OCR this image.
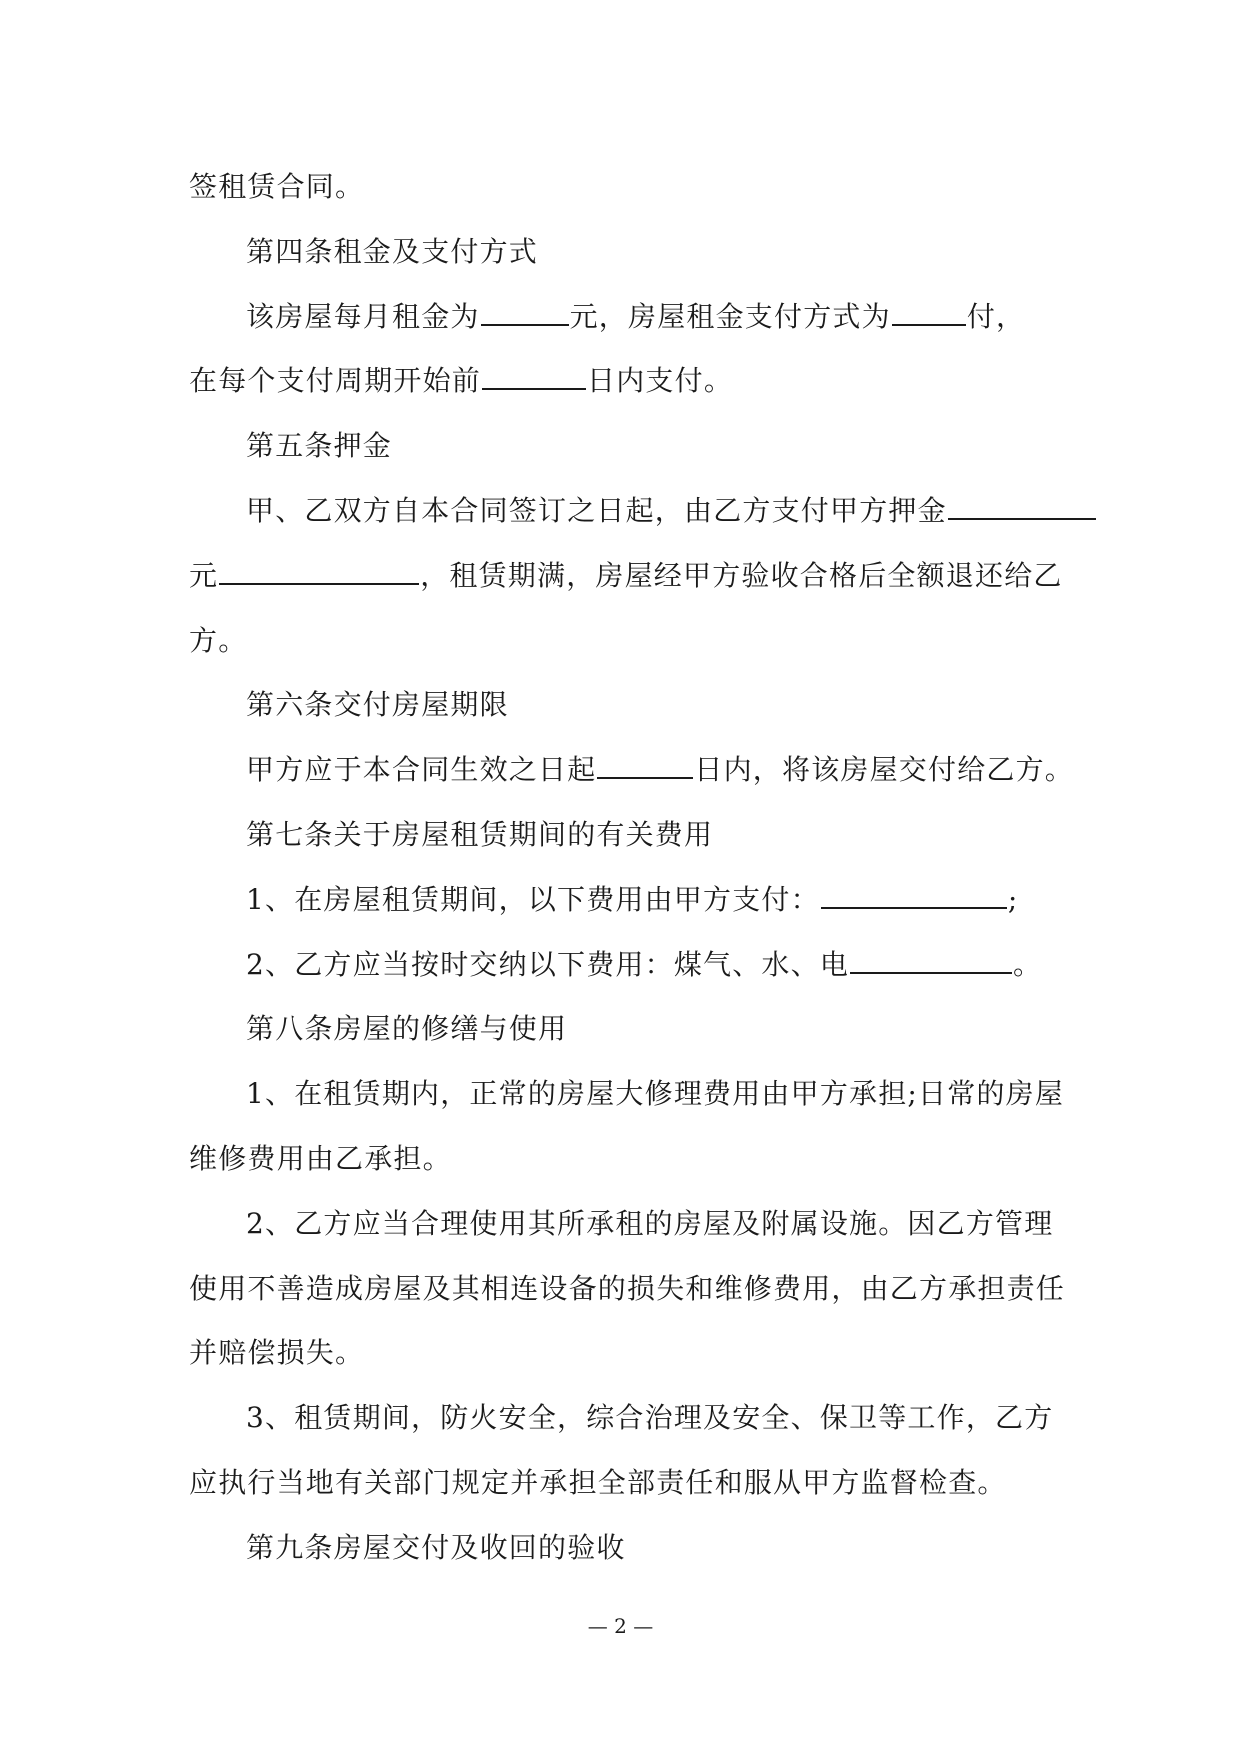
签租赁合同。
第四条租金及支付方式
该房屋每月租金为	元，房屋租金支付方式为	付，
在每个支付周期开始前	日内支付。
第五条押金
甲、乙双方自本合同签订之日起，由乙方支付甲方押金
元	，租赁期满，房屋经甲方验收合格后全额退还给乙
方。
第六条交付房屋期限
甲方应于本合同生效之日起	日内，将该房屋交付给乙方。
第七条关于房屋租赁期间的有关费用
1、在房屋租赁期间，以下费用由甲方支付：	;
2、乙方应当按时交纳以下费用：煤气、水、电	。
第八条房屋的修缮与使用
1、在租赁期内，正常的房屋大修理费用由甲方承担;日常的房屋
维修费用由乙承担。
2、乙方应当合理使用其所承租的房屋及附属设施。因乙方管理
使用不善造成房屋及其相连设备的损失和维修费用，由乙方承担责任
并赔偿损失。
3、租赁期间，防火安全，综合治理及安全、保卫等工作，乙方
应执行当地有关部门规定并承担全部责任和服从甲方监督检查。
第九条房屋交付及收回的验收
— 2 —
